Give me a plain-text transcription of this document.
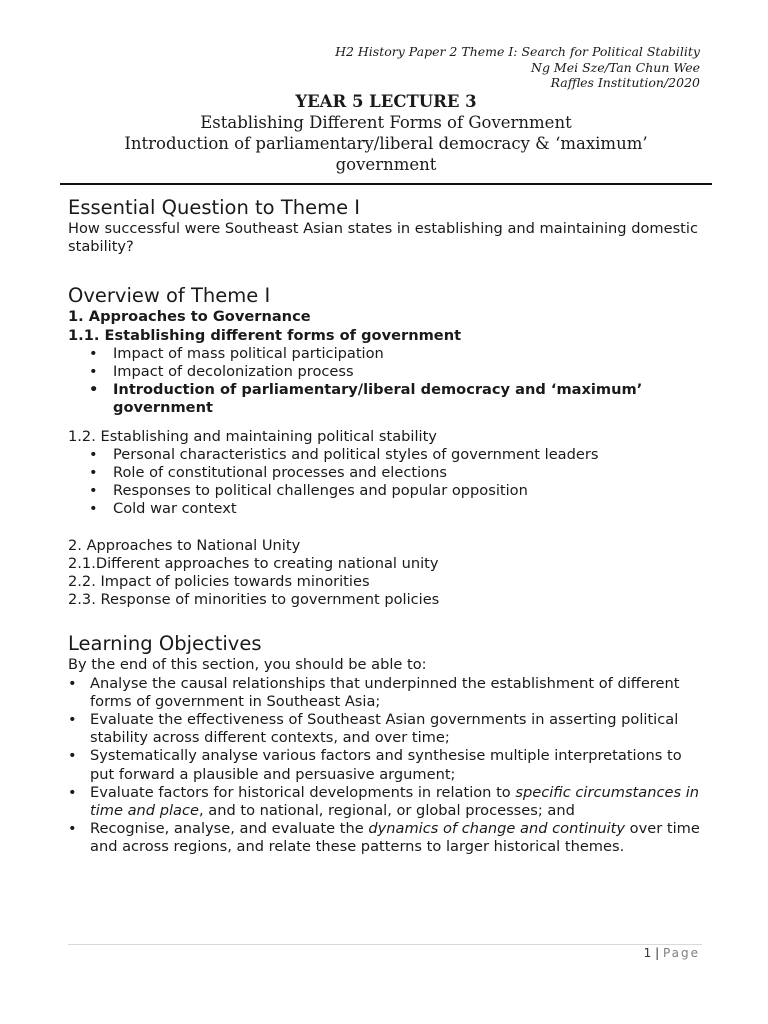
H2 History Paper 2 Theme I: Search for Political Stability
Ng Mei Sze/Tan Chun Wee
Raffles Institution/2020
YEAR 5 LECTURE 3
Establishing Different Forms of Government
Introduction of parliamentary/liberal democracy & ‘maximum’
government
Essential Question to Theme I

How successful were Southeast Asian states in establishing and maintaining domestic stability?

Overview of Theme I

1. Approaches to Governance

1.1. Establishing different forms of government

• Impact of mass political participation
• Impact of decolonization process
• Introduction of parliamentary/liberal democracy and ‘maximum’ government

1.2. Establishing and maintaining political stability

• Personal characteristics and political styles of government leaders
• Role of constitutional processes and elections
• Responses to political challenges and popular opposition
• Cold war context

2. Approaches to National Unity

2.1.Different approaches to creating national unity

2.2. Impact of policies towards minorities

2.3. Response of minorities to government policies

Learning Objectives

By the end of this section, you should be able to:

• Analyse the causal relationships that underpinned the establishment of different forms of government in Southeast Asia;
• Evaluate the effectiveness of Southeast Asian governments in asserting political stability across different contexts, and over time;
• Systematically analyse various factors and synthesise multiple interpretations to put forward a plausible and persuasive argument;
• Evaluate factors for historical developments in relation to specific circumstances in time and place, and to national, regional, or global processes; and
• Recognise, analyse, and evaluate the dynamics of change and continuity over time and across regions, and relate these patterns to larger historical themes.
1 | Page
